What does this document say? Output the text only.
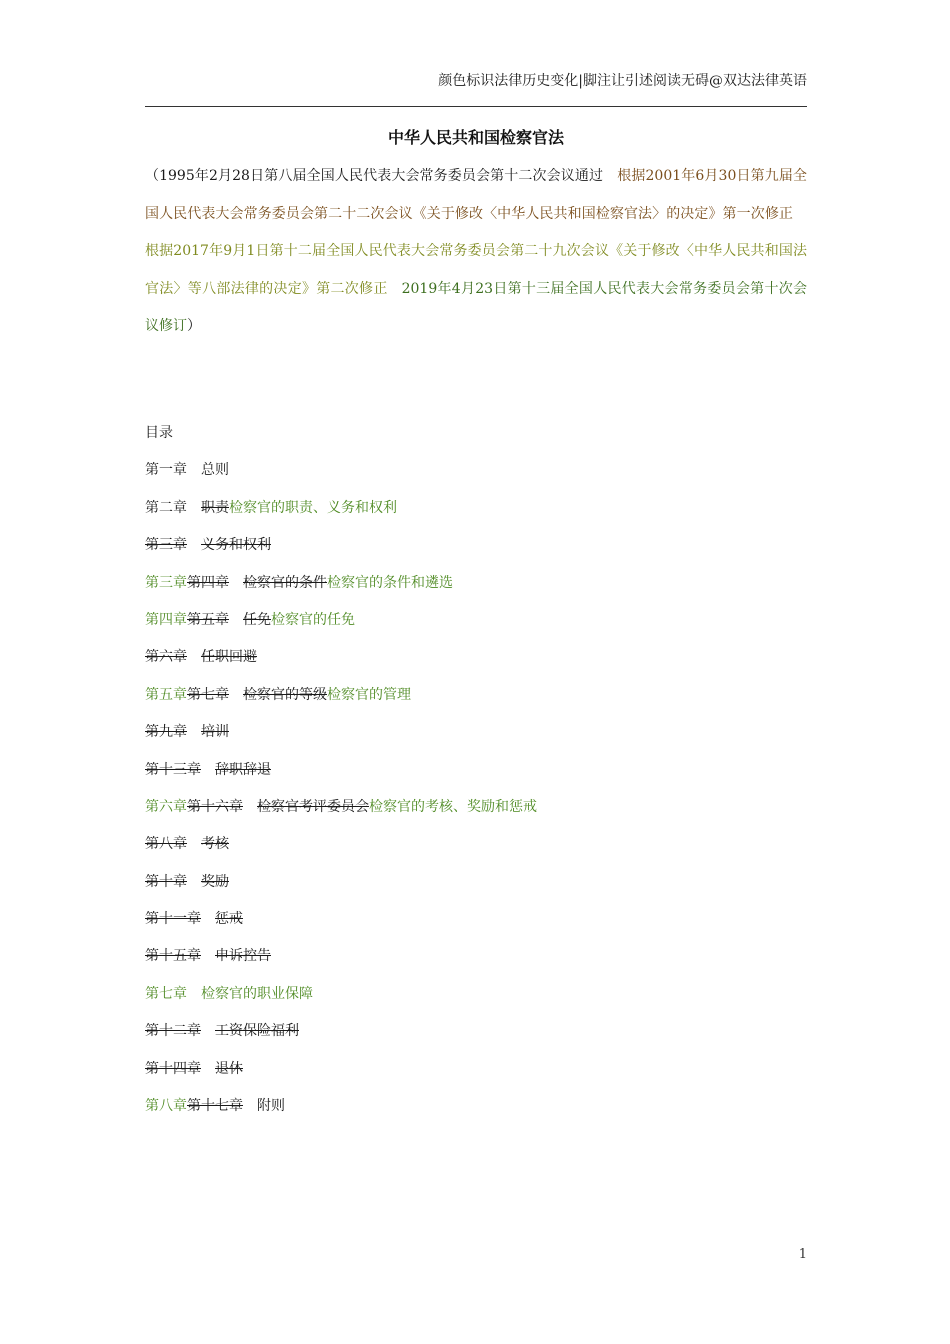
颜色标识法律历史变化|脚注让引述阅读无碍@双达法律英语
中华人民共和国检察官法
（1995年2月28日第八届全国人民代表大会常务委员会第十二次会议通过 根据2001年6月30日第九届全国人民代表大会常务委员会第二十二次会议《关于修改〈中华人民共和国检察官法〉的决定》第一次修正根据2017年9月1日第十二届全国人民代表大会常务委员会第二十九次会议《关于修改〈中华人民共和国法官法〉等八部法律的决定》第二次修正 2019年4月23日第十三届全国人民代表大会常务委员会第十次会议修订）
目录
第一章 总则
第二章 职责检察官的职责、义务和权利
第三章 义务和权利
第三章第四章 检察官的条件检察官的条件和遴选
第四章第五章 任免检察官的任免
第六章 任职回避
第五章第七章 检察官的等级检察官的管理
第九章 培训
第十三章 辞职辞退
第六章第十六章 检察官考评委员会检察官的考核、奖励和惩戒
第八章 考核
第十章 奖励
第十一章 惩戒
第十五章 申诉控告
第七章 检察官的职业保障
第十二章 工资保险福利
第十四章 退休
第八章第十七章 附则
1
